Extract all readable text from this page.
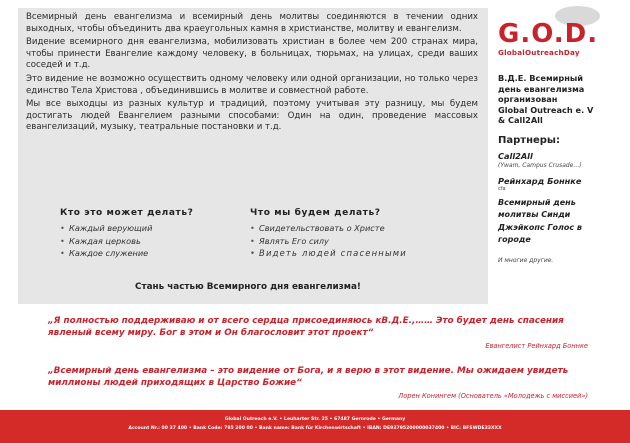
Всемирный день евангелизма и всемирный день молитвы соединяются в течении одних выходных, чтобы объединить два краеугольных камня в христианстве, молитву и евангелизм.

Видение всемирного дня евангелизма, мобилизовать христиан в более чем 200 странах мира, чтобы принести Евангелие каждому человеку, в больницах, тюрьмах, на улицах, среди ваших соседей и т.д.

Это видение не возможно осуществить одному человеку или одной организации, но только через единство Тела Христова , объединившись в молитве и совместной работе.

Мы все выходцы из разных культур и традиций, поэтому учитывая эту разницу, мы будем достигать людей Евангелием разными способами: Один на один, проведение массовых евангелизаций, музыку, театральные постановки и т.д.

Кто это может делать?
• Каждый верующий
• Каждая церковь
• Каждое служение
Что мы будем делать?
• Свидетельствовать о Христе
• Являть Его силу
• Видеть людей спасенными
Стань частью Всемирного дня евангелизма!
G.O.D.
GlobalOutreachDay
В.Д.Е. Всемирный
день евангелизма
организован
Global Outreach e. V
& Call2All
Партнеры:
Call2All
(Ywam, Campus Crusade…)
Рейнхард Боннке
cfa
Всемирный день
молитвы Синди
Джэйкопс Голос в
городе
И многие другие.
„Я полностью поддерживаю и от всего сердца присоединяюсь кВ.Д.Е.,…… Это будет день спасения явленый всему миру. Бог в этом и Он благословит этот проект“
Евангелист Рейнхард Боннке
„Всемирный день евангелизма – это видение от Бога, и я верю в этот видение. Мы ожидаем увидеть миллионы людей приходящих в Царство Божие“
Лорен Конингем (Основатель «Молодежь с миссией»)
Global Outreach e.V. • Leuharter Str. 25 • 67487 Gernrode • Germany
Account Nr.: 00 37 400 • Bank Code: 795 200 00 • Bank name: Bank für Kirchenwirtschaft • IBAN: DE93795200000037400 • BIC: BFSWDE33XXX
